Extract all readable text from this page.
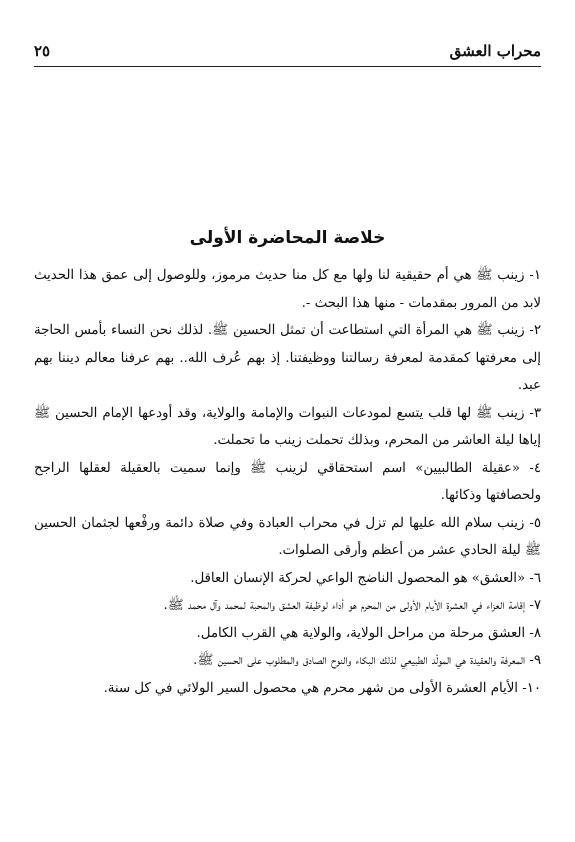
محراب العشق
٢٥
خلاصة المحاضرة الأولى
١- زينب ﷺ هي أم حقيقية لنا ولها مع كل منا حديث مرموز، وللوصول إلى عمق هذا الحديث لابد من المرور بمقدمات - منها هذا البحث -.
٢- زينب ﷺ هي المرأة التي استطاعت أن تمثل الحسين ﷺ. لذلك نحن النساء بأمس الحاجة إلى معرفتها كمقدمة لمعرفة رسالتنا ووظيفتنا. إذ بهم عُرف الله.. بهم عرفنا معالم ديننا بهم عبد.
٣- زينب ﷺ لها قلب يتسع لمودعات النبوات والإمامة والولاية، وقد أودعها الإمام الحسين ﷺ إياها ليلة العاشر من المحرم، وبذلك تحملت زينب ما تحملت.
٤- «عقيلة الطالبيين» اسم استحقاقي لزينب ﷺ وإنما سميت بالعقيلة لعقلها الراجح ولحصافتها وذكائها.
٥- زينب سلام الله عليها لم تزل في محراب العبادة وفي صلاة دائمة ورفْعها لجثمان الحسين ﷺ ليلة الحادي عشر من أعظم وأرقى الصلوات.
٦- «العشق» هو المحصول الناضج الواعي لحركة الإنسان العاقل.
٧- إقامة العزاء في العشرة الأيام الأولى من المحرم هو أداء لوظيفة العشق والمحبة لمحمد وآل محمد ﷺ.
٨- العشق مرحلة من مراحل الولاية، والولاية هي القرب الكامل.
٩- المعرفة والعقيدة هي المولّد الطبيعي لذلك البكاء والنوح الصادق والمطلوب على الحسين ﷺ.
١٠- الأيام العشرة الأولى من شهر محرم هي محصول السير الولائي في كل سنة.
